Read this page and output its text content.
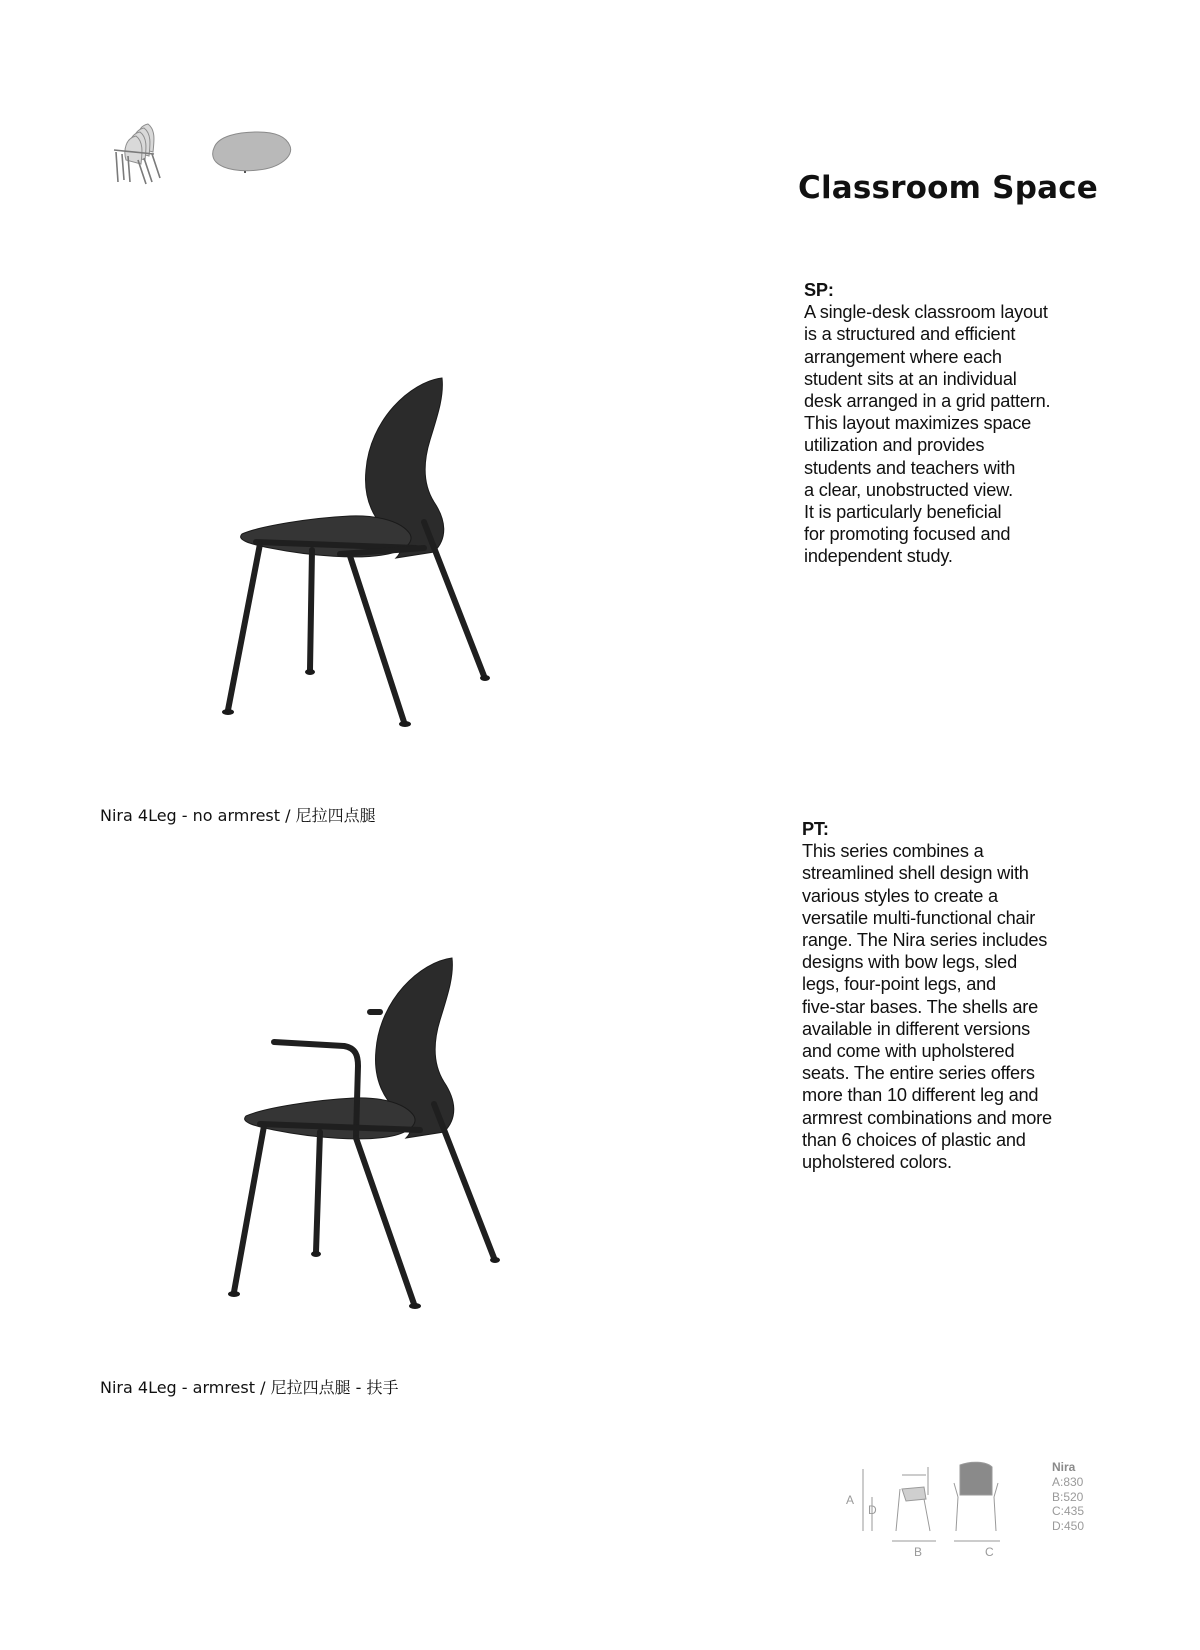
Classroom Space
SP:
A single-desk classroom layout
is a structured and efficient
arrangement where each
student sits at an individual
desk arranged in a grid pattern.
This layout maximizes space
utilization and provides
students and teachers with
a clear, unobstructed view.
It is particularly beneficial
for promoting focused and
independent study.
PT:
This series combines a
streamlined shell design with
various styles to create a
versatile multi-functional chair
range. The Nira series includes
designs with bow legs, sled
legs, four-point legs, and
five-star bases. The shells are
available in different versions
and come with upholstered
seats. The entire series offers
more than 10 different leg and
armrest combinations and more
than 6 choices of plastic and
upholstered colors.
Nira 4Leg - no armrest / 尼拉四点腿
Nira 4Leg - armrest / 尼拉四点腿 - 扶手
A
D
B	C
Nira
A:830
B:520
C:435
D:450
